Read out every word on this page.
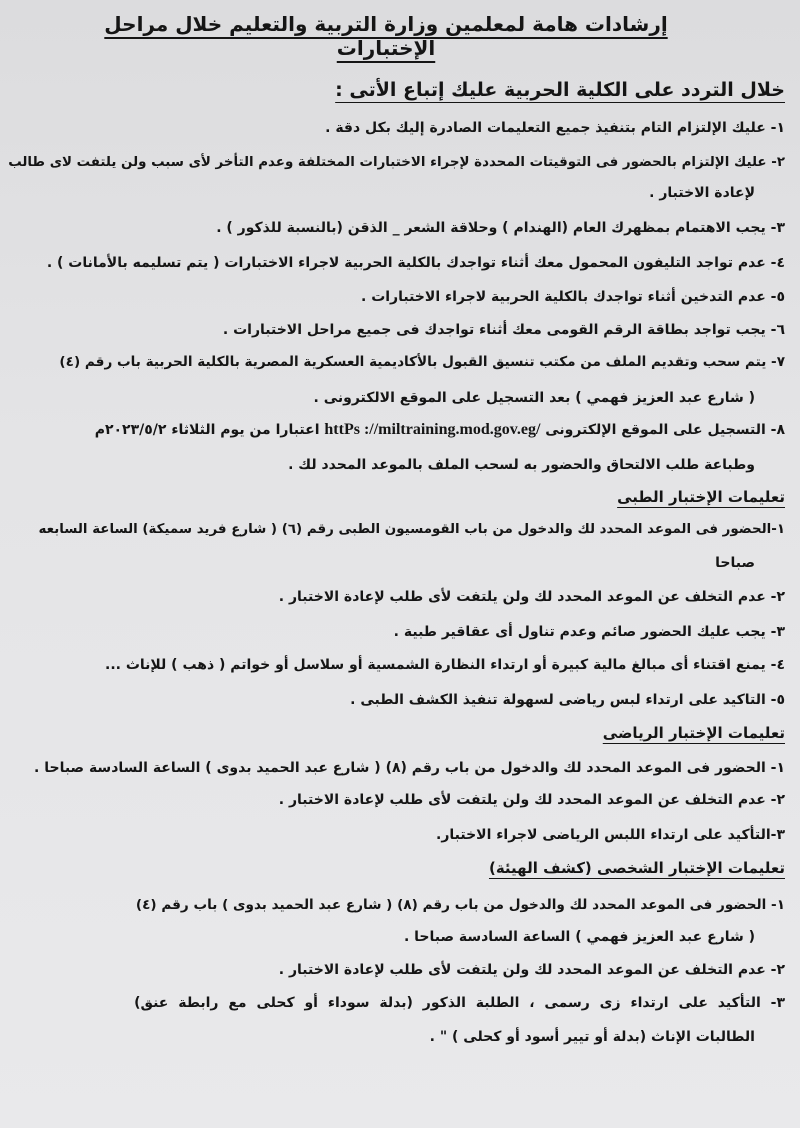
إرشادات هامة لمعلمين وزارة التربية والتعليم خلال مراحل الإختبارات
خلال التردد على الكلية الحربية عليك إتباع الأتى :
١- عليك الإلتزام التام بتنفيذ جميع التعليمات الصادرة إليك بكل دقة .
٢- عليك الإلتزام بالحضور فى التوقيتات المحددة لإجراء الاختبارات المختلفة وعدم التأخر لأى سبب ولن يلتفت لاى طالب
لإعادة الاختبار .
٣- يجب الاهتمام بمظهرك العام (الهندام ) وحلاقة الشعر _ الذقن (بالنسبة للذكور ) .
٤- عدم تواجد التليفون المحمول معك أثناء تواجدك بالكلية الحربية لاجراء الاختبارات ( يتم تسليمه بالأمانات ) .
٥- عدم التدخين أثناء تواجدك بالكلية الحربية لاجراء الاختبارات .
٦- يجب تواجد بطاقة الرقم القومى معك أثناء تواجدك فى جميع مراحل الاختبارات .
٧- يتم سحب وتقديم الملف من مكتب تنسيق القبول بالأكاديمية العسكرية المصرية بالكلية الحربية باب رقم (٤)
( شارع عبد العزيز فهمي ) بعد التسجيل على الموقع الالكترونى .
٨- التسجيل على الموقع الإلكترونى httPs ://miltraining.mod.gov.eg/ اعتبارا من يوم الثلاثاء ٢٠٢٣/٥/٢م
وطباعة طلب الالتحاق والحضور به لسحب الملف بالموعد المحدد لك .
تعليمات الإختبار الطبى
١-الحضور فى الموعد المحدد لك والدخول من باب القومسيون الطبى رقم (٦) ( شارع فريد سميكة) الساعة السابعه
صباحا
٢- عدم التخلف عن الموعد المحدد لك ولن يلتفت لأى طلب لإعادة الاختبار .
٣- يجب عليك الحضور صائم وعدم تناول أى عقاقير طبية .
٤- يمنع اقتناء أى مبالغ مالية كبيرة أو ارتداء النظارة الشمسية أو سلاسل أو خواتم ( ذهب ) للإناث ...
٥- التاكيد على ارتداء لبس رياضى لسهولة تنفيذ الكشف الطبى .
تعليمات الإختبار الرياضى
١- الحضور فى الموعد المحدد لك والدخول من باب رقم (٨) ( شارع عبد الحميد بدوى ) الساعة السادسة صباحا .
٢- عدم التخلف عن الموعد المحدد لك ولن يلتفت لأى طلب لإعادة الاختبار .
٣-التأكيد على ارتداء اللبس الرياضى لاجراء الاختبار.
تعليمات الإختبار الشخصى (كشف الهيئة)
١- الحضور فى الموعد المحدد لك والدخول من باب رقم (٨) ( شارع عبد الحميد بدوى ) باب رقم (٤)
( شارع عبد العزيز فهمي ) الساعة السادسة صباحا .
٢- عدم التخلف عن الموعد المحدد لك ولن يلتفت لأى طلب لإعادة الاختبار .
٣- التأكيد على ارتداء زى رسمى ، الطلبة الذكور (بدلة سوداء أو كحلى مع رابطة عنق)
الطالبات الإناث (بدلة أو تيير أسود أو كحلى ) " .
